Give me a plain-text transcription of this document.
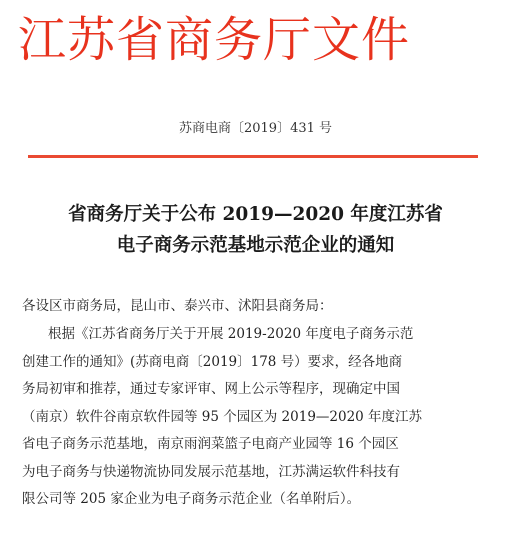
江苏省商务厅文件
苏商电商〔2019〕431 号
省商务厅关于公布 2019—2020 年度江苏省
电子商务示范基地示范企业的通知
各设区市商务局，昆山市、泰兴市、沭阳县商务局：
根据《江苏省商务厅关于开展 2019-2020 年度电子商务示范
创建工作的通知》(苏商电商〔2019〕178 号）要求，经各地商
务局初审和推荐，通过专家评审、网上公示等程序，现确定中国
（南京）软件谷南京软件园等 95 个园区为 2019—2020 年度江苏
省电子商务示范基地，南京雨润菜篮子电商产业园等 16 个园区
为电子商务与快递物流协同发展示范基地，江苏满运软件科技有
限公司等 205 家企业为电子商务示范企业（名单附后）。
